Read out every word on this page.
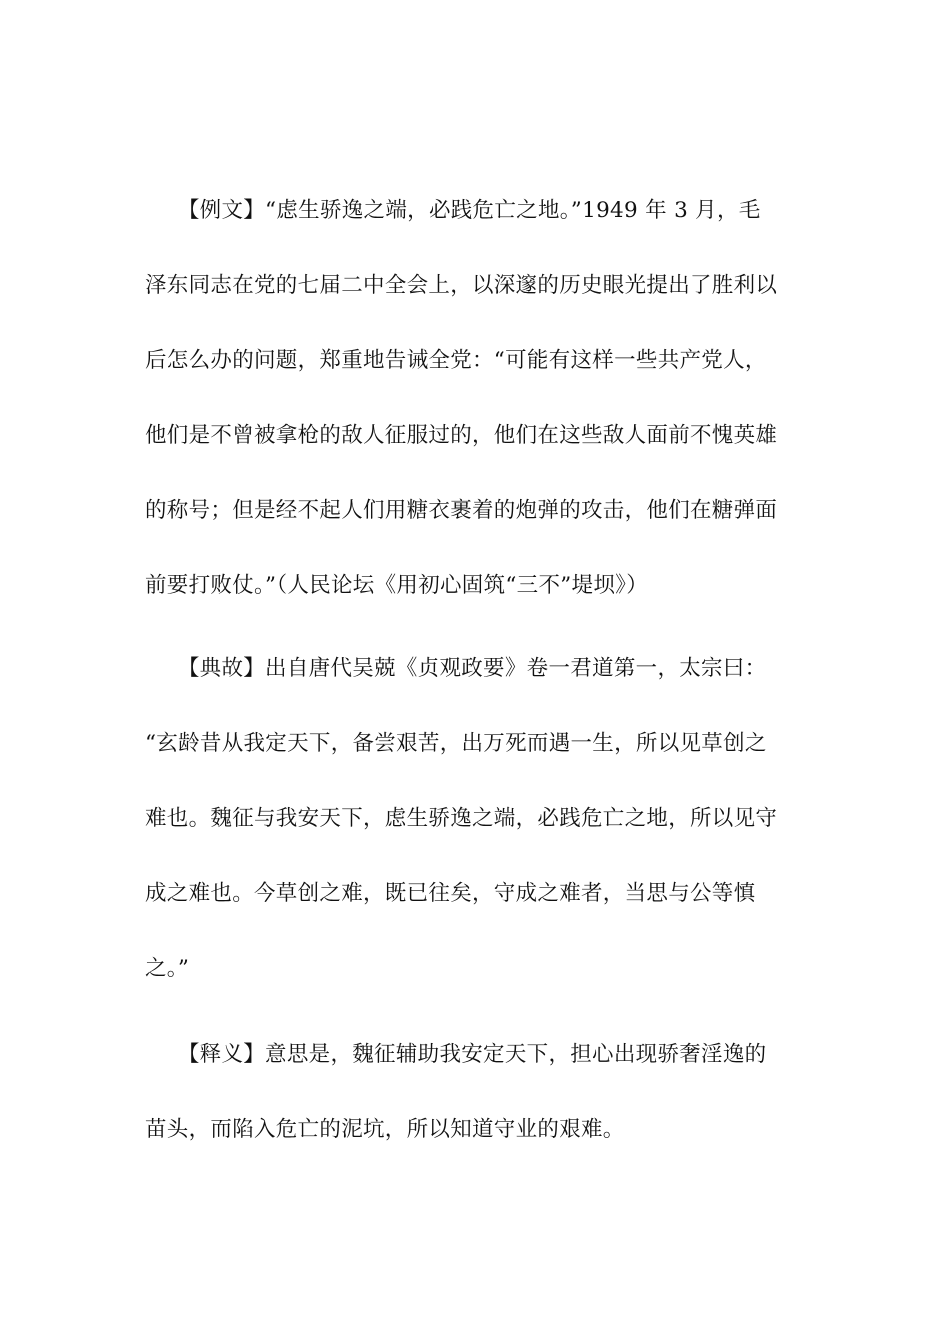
　　【例文】“虑生骄逸之端，必践危亡之地。”1949 年 3 月，毛
泽东同志在党的七届二中全会上，以深邃的历史眼光提出了胜利以
后怎么办的问题，郑重地告诫全党：“可能有这样一些共产党人，
他们是不曾被拿枪的敌人征服过的，他们在这些敌人面前不愧英雄
的称号；但是经不起人们用糖衣裹着的炮弹的攻击，他们在糖弹面
前要打败仗。”（人民论坛《用初心固筑“三不”堤坝》）
　　【典故】出自唐代吴兢《贞观政要》卷一君道第一，太宗曰：
“玄龄昔从我定天下，备尝艰苦，出万死而遇一生，所以见草创之
难也。魏征与我安天下，虑生骄逸之端，必践危亡之地，所以见守
成之难也。今草创之难，既已往矣，守成之难者，当思与公等慎
之。”
　　【释义】意思是，魏征辅助我安定天下，担心出现骄奢淫逸的
苗头，而陷入危亡的泥坑，所以知道守业的艰难。
